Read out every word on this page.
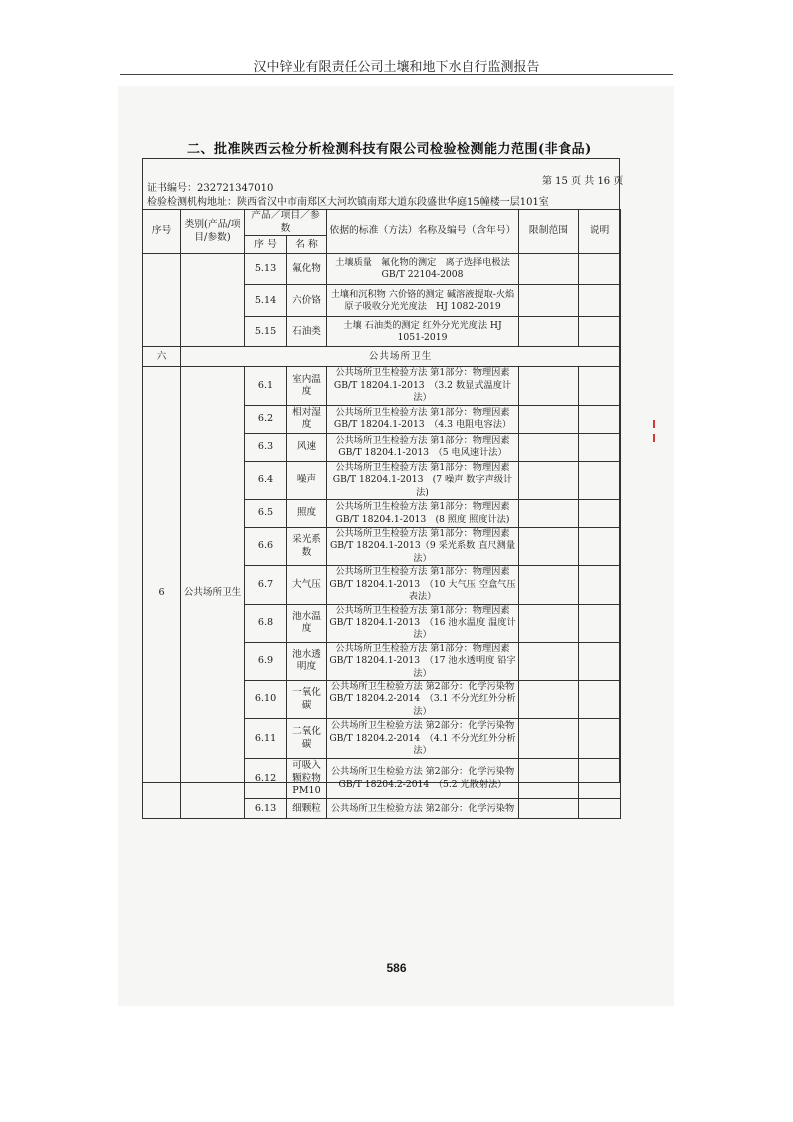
汉中锌业有限责任公司土壤和地下水自行监测报告
二、批准陕西云检分析检测科技有限公司检验检测能力范围(非食品)
证书编号：232721347010
第 15 页 共 16 页
检验检测机构地址：陕西省汉中市南郑区大河坎镇南郑大道东段盛世华庭15幢楼一层101室
序号	类别(产品/项目/参数)	产品／项目／参数		依据的标准（方法）名称及编号（含年号）	限制范围	说明
		序 号	名 称			
		5.13	氟化物	土壤质量　氟化物的测定　离子选择电极法 GB/T 22104-2008		
		5.14	六价铬	土壤和沉积物 六价铬的测定 碱溶液提取-火焰原子吸收分光光度法　HJ 1082-2019		
		5.15	石油类	土壤 石油类的测定 红外分光光度法 HJ 1051-2019		
六	公共场所卫生					
6	公共场所卫生	6.1	室内温度	公共场所卫生检验方法 第1部分：物理因素 GB/T 18204.1-2013　（3.2 数显式温度计法）		
		6.2	相对湿度	公共场所卫生检验方法 第1部分：物理因素 GB/T 18204.1-2013　（4.3 电阻电容法）		
		6.3	风速	公共场所卫生检验方法 第1部分：物理因素 GB/T 18204.1-2013　（5 电风速计法）		
		6.4	噪声	公共场所卫生检验方法 第1部分：物理因素 GB/T 18204.1-2013　(7 噪声 数字声级计法)		
		6.5	照度	公共场所卫生检验方法 第1部分：物理因素 GB/T 18204.1-2013　(8 照度 照度计法)		
		6.6	采光系数	公共场所卫生检验方法 第1部分：物理因素 GB/T 18204.1-2013（9 采光系数 直尺测量法）		
		6.7	大气压	公共场所卫生检验方法 第1部分：物理因素 GB/T 18204.1-2013　（10 大气压 空盒气压表法）		
		6.8	池水温度	公共场所卫生检验方法 第1部分：物理因素 GB/T 18204.1-2013　（16 池水温度 温度计法）		
		6.9	池水透明度	公共场所卫生检验方法 第1部分：物理因素 GB/T 18204.1-2013　（17 池水透明度 铅字法）		
		6.10	一氧化碳	公共场所卫生检验方法 第2部分：化学污染物 GB/T 18204.2-2014　（3.1 不分光红外分析法）		
		6.11	二氧化碳	公共场所卫生检验方法 第2部分：化学污染物 GB/T 18204.2-2014　（4.1 不分光红外分析法）		
		6.12	可吸入颗粒物PM10	公共场所卫生检验方法 第2部分：化学污染物 GB/T 18204.2-2014　（5.2 光散射法）		
		6.13	细颗粒	公共场所卫生检验方法 第2部分：化学污染物		
586
